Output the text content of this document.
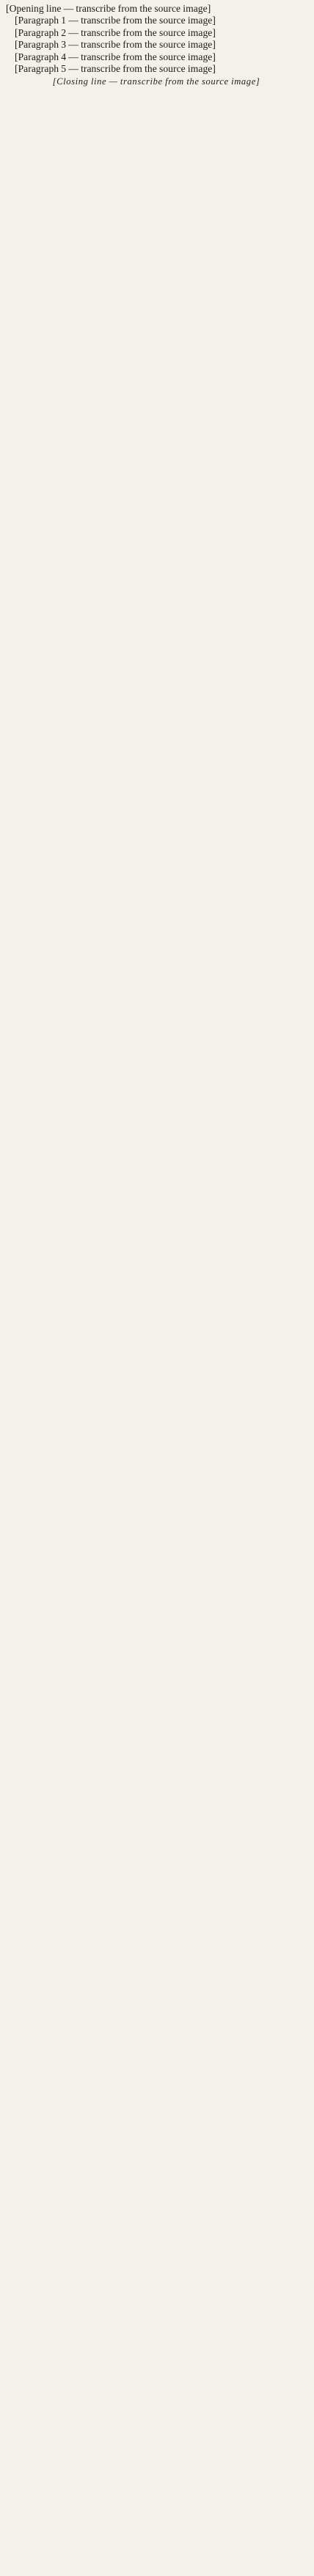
[Opening line — transcribe from the source image]

[Paragraph 1 — transcribe from the source image]

[Paragraph 2 — transcribe from the source image]

[Paragraph 3 — transcribe from the source image]

[Paragraph 4 — transcribe from the source image]

[Paragraph 5 — transcribe from the source image]

[Closing line — transcribe from the source image]
